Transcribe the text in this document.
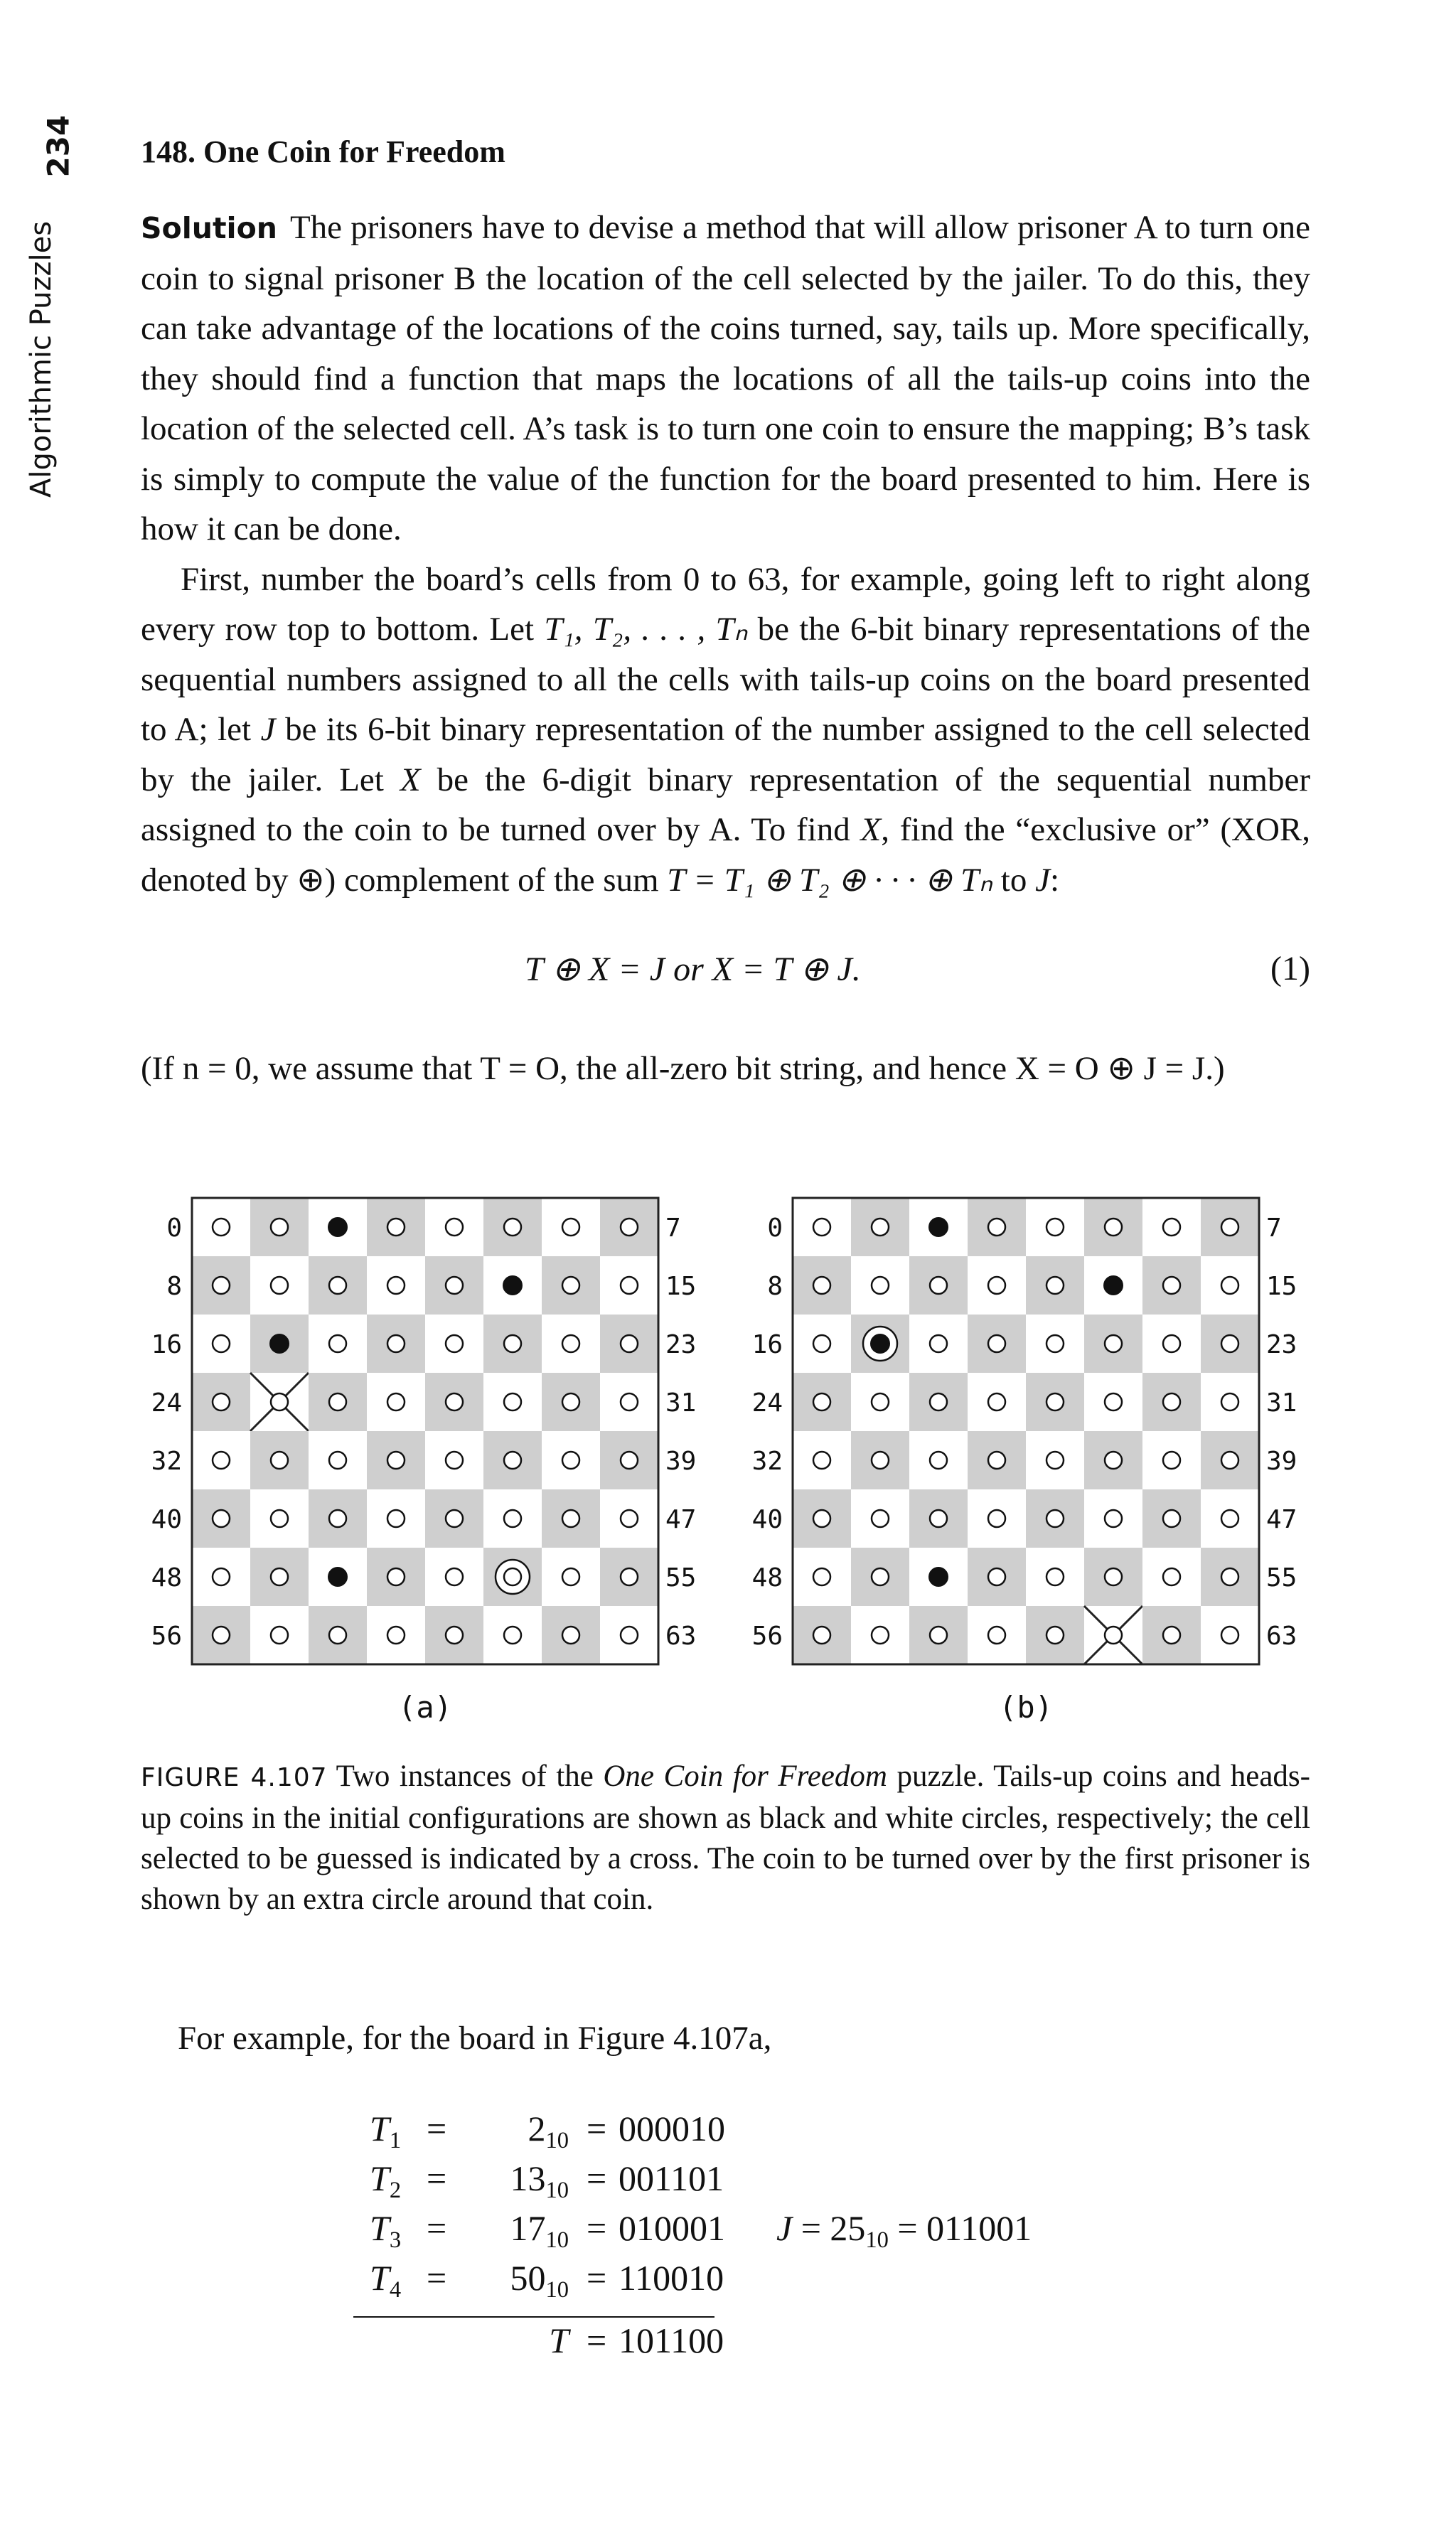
234
Algorithmic Puzzles
148. One Coin for Freedom

Solution The prisoners have to devise a method that will allow prisoner A to turn one coin to signal prisoner B the location of the cell selected by the jailer. To do this, they can take advantage of the locations of the coins turned, say, tails up. More specifically, they should find a function that maps the locations of all the tails-up coins into the location of the selected cell. A’s task is to turn one coin to ensure the mapping; B’s task is simply to compute the value of the function for the board presented to him. Here is how it can be done.

First, number the board’s cells from 0 to 63, for example, going left to right along every row top to bottom. Let T₁, T₂, . . . , Tₙ be the 6-bit binary representations of the sequential numbers assigned to all the cells with tails-up coins on the board presented to A; let J be its 6-bit binary representation of the number assigned to the cell selected by the jailer. Let X be the 6-digit binary representation of the sequential number assigned to the coin to be turned over by A. To find X, find the “exclusive or” (XOR, denoted by ⊕) complement of the sum T = T₁ ⊕ T₂ ⊕ · · · ⊕ Tₙ to J:

T ⊕ X = J or X = T ⊕ J.	(1)
(If n = 0, we assume that T = O, the all-zero bit string, and hence X = O ⊕ J = J.)
0	7
8	15
16	23
24	31
32	39
40	47
48	55
56	63
(a)
0	7
8	15
16	23
24	31
32	39
40	47
48	55
56	63
(b)
FIGURE 4.107 Two instances of the One Coin for Freedom puzzle. Tails-up coins and heads-up coins in the initial configurations are shown as black and white circles, respectively; the cell selected to be guessed is indicated by a cross. The coin to be turned over by the first prisoner is shown by an extra circle around that coin.
For example, for the board in Figure 4.107a,
$T_1$ =	$2_{10} = 000010$
$T_2$ =	$13_{10} = 001101$
$T_3$ =	$17_{10} = 010001$ $J = 25_{10} = 011001$
$T_4$ =	$50_{10} = 110010$
T = 101100
